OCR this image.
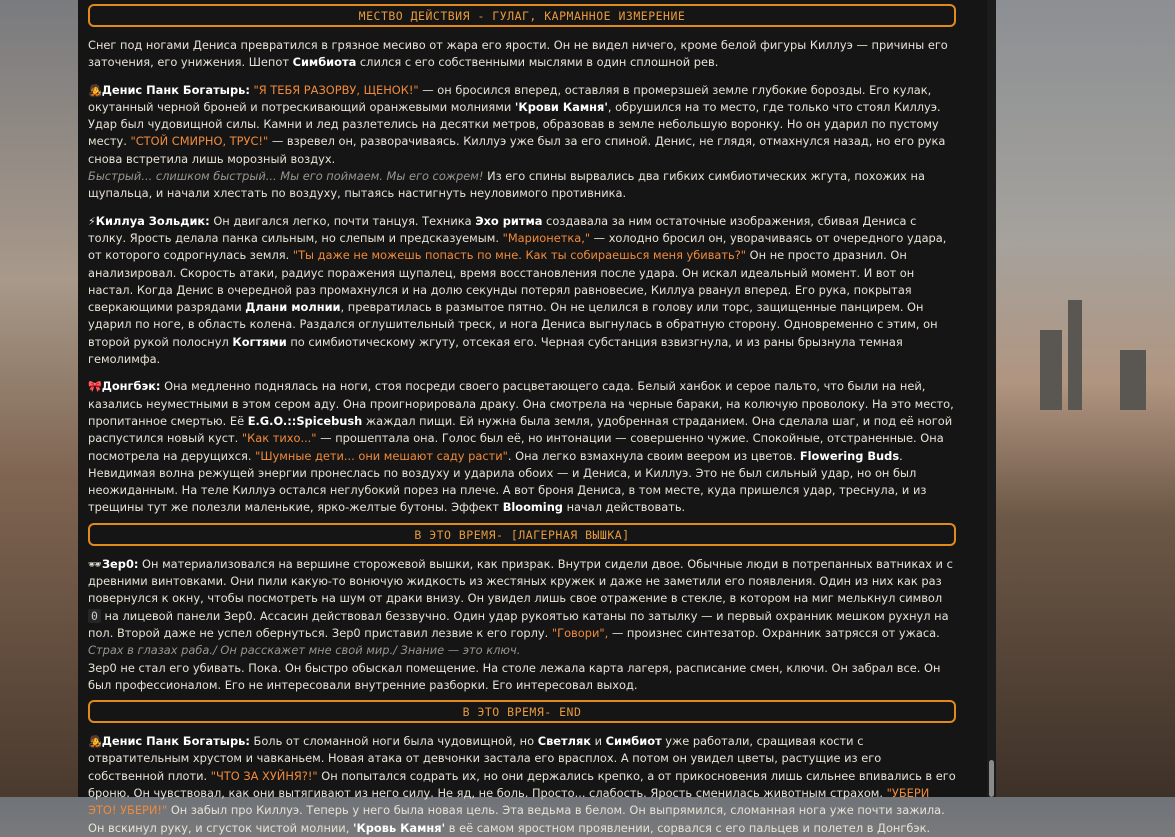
МЕСТВО ДЕЙСТВИЯ - ГУЛАГ, КАРМАННОЕ ИЗМЕРЕНИЕ

Снег под ногами Дениса превратился в грязное месиво от жара его ярости. Он не видел ничего, кроме белой фигуры Киллуэ — причины его заточения, его унижения. Шепот Симбиота слился с его собственными мыслями в один сплошной рев.

🧑‍🎤Денис Панк Богатырь: "Я ТЕБЯ РАЗОРВУ, ЩЕНОК!" — он бросился вперед, оставляя в промерзшей земле глубокие борозды. Его кулак, окутанный черной броней и потрескивающий оранжевыми молниями 'Крови Камня', обрушился на то место, где только что стоял Киллуэ. Удар был чудовищной силы. Камни и лед разлетелись на десятки метров, образовав в земле небольшую воронку. Но он ударил по пустому месту. "СТОЙ СМИРНО, ТРУС!" — взревел он, разворачиваясь. Киллуэ уже был за его спиной. Денис, не глядя, отмахнулся назад, но его рука снова встретила лишь морозный воздух.
Быстрый... слишком быстрый... Мы его поймаем. Мы его сожрем! Из его спины вырвались два гибких симбиотических жгута, похожих на щупальца, и начали хлестать по воздуху, пытаясь настигнуть неуловимого противника.

⚡Киллуа Зольдик: Он двигался легко, почти танцуя. Техника Эхо ритма создавала за ним остаточные изображения, сбивая Дениса с толку. Ярость делала панка сильным, но слепым и предсказуемым. "Марионетка," — холодно бросил он, уворачиваясь от очередного удара, от которого содрогнулась земля. "Ты даже не можешь попасть по мне. Как ты собираешься меня убивать?" Он не просто дразнил. Он анализировал. Скорость атаки, радиус поражения щупалец, время восстановления после удара. Он искал идеальный момент. И вот он настал. Когда Денис в очередной раз промахнулся и на долю секунды потерял равновесие, Киллуа рванул вперед. Его рука, покрытая сверкающими разрядами Длани молнии, превратилась в размытое пятно. Он не целился в голову или торс, защищенные панцирем. Он ударил по ноге, в область колена. Раздался оглушительный треск, и нога Дениса выгнулась в обратную сторону. Одновременно с этим, он второй рукой полоснул Когтями по симбиотическому жгуту, отсекая его. Черная субстанция взвизгнула, и из раны брызнула темная гемолимфа.

🎀Донгбэк: Она медленно поднялась на ноги, стоя посреди своего расцветающего сада. Белый ханбок и серое пальто, что были на ней, казались неуместными в этом сером аду. Она проигнорировала драку. Она смотрела на черные бараки, на колючую проволоку. На это место, пропитанное смертью. Её E.G.O.::Spicebush жаждал пищи. Ей нужна была земля, удобренная страданием. Она сделала шаг, и под её ногой распустился новый куст. "Как тихо..." — прошептала она. Голос был её, но интонации — совершенно чужие. Спокойные, отстраненные. Она посмотрела на дерущихся. "Шумные дети... они мешают саду расти". Она легко взмахнула своим веером из цветов. Flowering Buds. Невидимая волна режущей энергии пронеслась по воздуху и ударила обоих — и Дениса, и Киллуэ. Это не был сильный удар, но он был неожиданным. На теле Киллуэ остался неглубокий порез на плече. А вот броня Дениса, в том месте, куда пришелся удар, треснула, и из трещины тут же полезли маленькие, ярко-желтые бутоны. Эффект Blooming начал действовать.

В ЭТО ВРЕМЯ- [ЛАГЕРНАЯ ВЫШКА]

🕶Зер0: Он материализовался на вершине сторожевой вышки, как призрак. Внутри сидели двое. Обычные люди в потрепанных ватниках и с древними винтовками. Они пили какую-то вонючую жидкость из жестяных кружек и даже не заметили его появления. Один из них как раз повернулся к окну, чтобы посмотреть на шум от драки внизу. Он увидел лишь свое отражение в стекле, в котором на миг мелькнул символ 0 на лицевой панели Зер0. Ассасин действовал беззвучно. Один удар рукоятью катаны по затылку — и первый охранник мешком рухнул на пол. Второй даже не успел обернуться. Зер0 приставил лезвие к его горлу. "Говори", — произнес синтезатор. Охранник затрясся от ужаса.
Страх в глазах раба./ Он расскажет мне свой мир./ Знание — это ключ.
Зер0 не стал его убивать. Пока. Он быстро обыскал помещение. На столе лежала карта лагеря, расписание смен, ключи. Он забрал все. Он был профессионалом. Его не интересовали внутренние разборки. Его интересовал выход.

В ЭТО ВРЕМЯ- END

🧑‍🎤Денис Панк Богатырь: Боль от сломанной ноги была чудовищной, но Светляк и Симбиот уже работали, сращивая кости с отвратительным хрустом и чавканьем. Новая атака от девчонки застала его врасплох. А потом он увидел цветы, растущие из его собственной плоти. "ЧТО ЗА ХУЙНЯ?!" Он попытался содрать их, но они держались крепко, а от прикосновения лишь сильнее впивались в его броню. Он чувствовал, как они вытягивают из него силу. Не яд, не боль. Просто... слабость. Ярость сменилась животным страхом. "УБЕРИ ЭТО! УБЕРИ!" Он забыл про Киллуэ. Теперь у него была новая цель. Эта ведьма в белом. Он выпрямился, сломанная нога уже почти зажила. Он вскинул руку, и сгусток чистой молнии, 'Кровь Камня' в её самом яростном проявлении, сорвался с его пальцев и полетел в Донгбэк.
